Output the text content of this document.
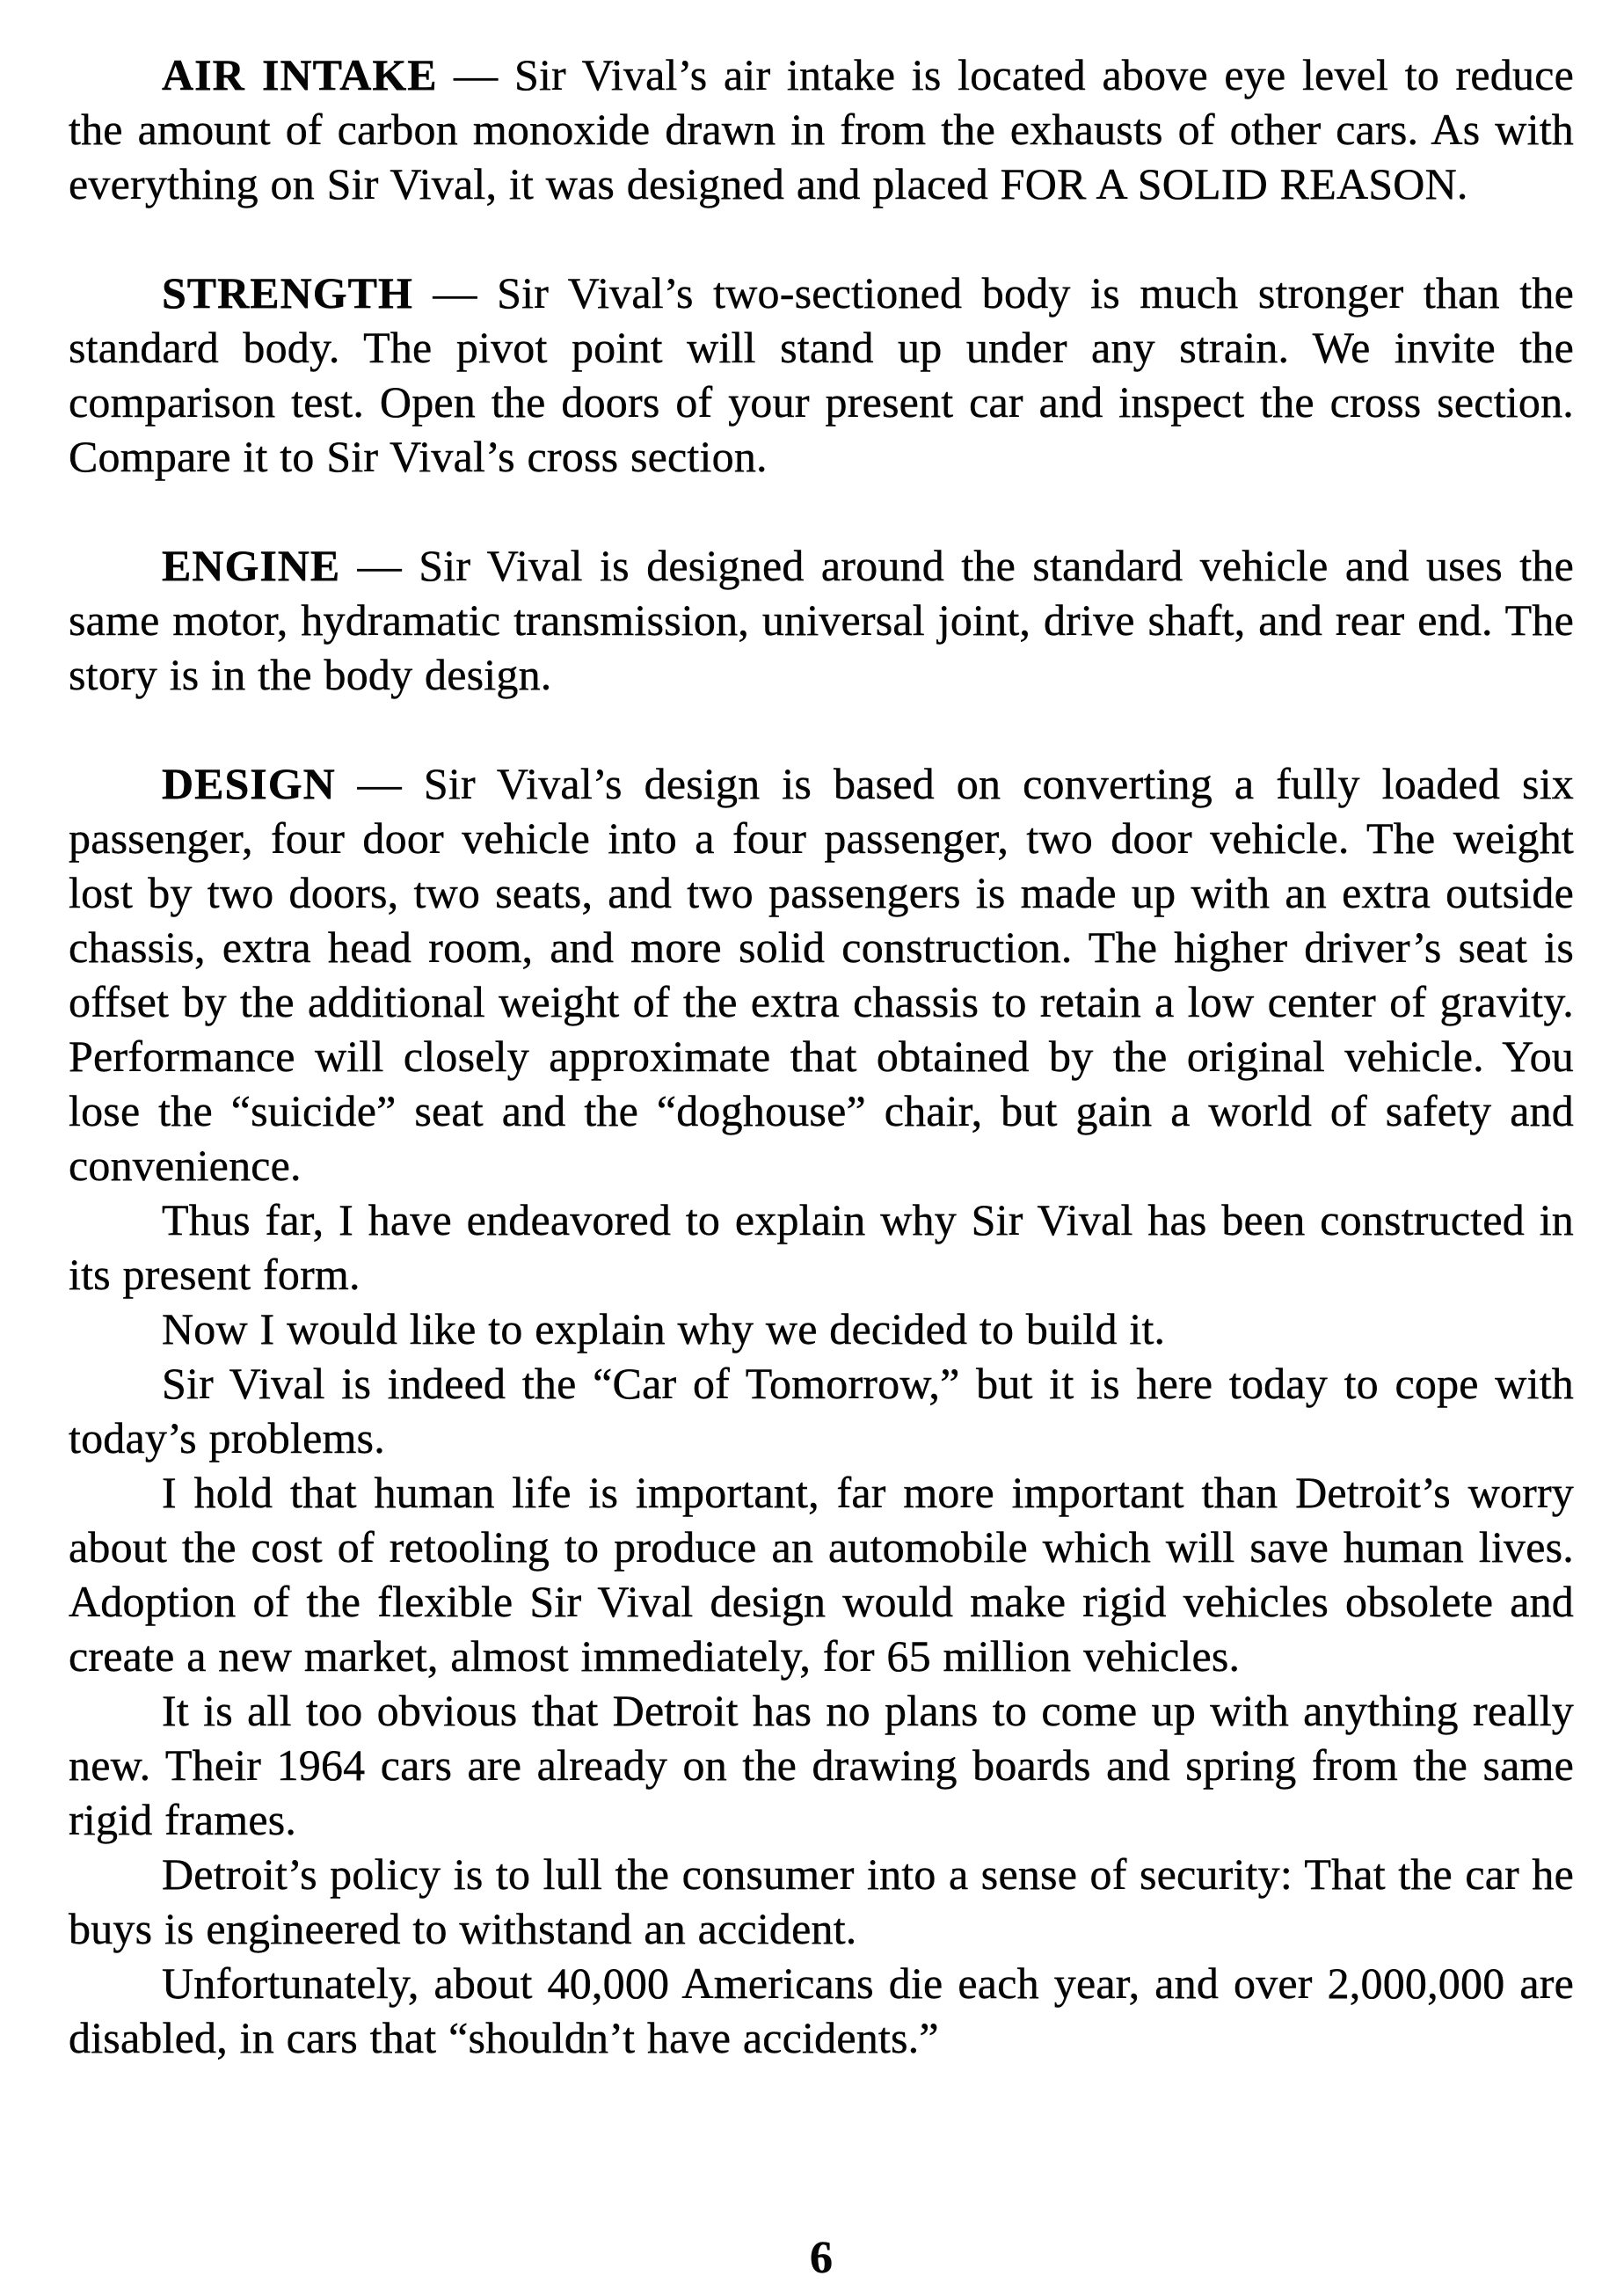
AIR INTAKE — Sir Vival’s air intake is located above eye level to reduce the amount of carbon monoxide drawn in from the exhausts of other cars. As with everything on Sir Vival, it was designed and placed FOR A SOLID REASON.

STRENGTH — Sir Vival’s two-sectioned body is much stronger than the standard body. The pivot point will stand up under any strain. We invite the comparison test. Open the doors of your present car and inspect the cross section. Compare it to Sir Vival’s cross section.

ENGINE — Sir Vival is designed around the standard vehicle and uses the same motor, hydramatic transmission, universal joint, drive shaft, and rear end. The story is in the body design.

DESIGN — Sir Vival’s design is based on converting a fully loaded six passenger, four door vehicle into a four passenger, two door vehicle. The weight lost by two doors, two seats, and two passengers is made up with an extra outside chassis, extra head room, and more solid construction. The higher driver’s seat is offset by the additional weight of the extra chassis to retain a low center of gravity. Performance will closely approximate that obtained by the original vehicle. You lose the “suicide” seat and the “doghouse” chair, but gain a world of safety and convenience.

Thus far, I have endeavored to explain why Sir Vival has been constructed in its present form.

Now I would like to explain why we decided to build it.

Sir Vival is indeed the “Car of Tomorrow,” but it is here today to cope with today’s problems.

I hold that human life is important, far more important than Detroit’s worry about the cost of retooling to produce an automobile which will save human lives. Adoption of the flexible Sir Vival design would make rigid vehicles obsolete and create a new market, almost immediately, for 65 million vehicles.

It is all too obvious that Detroit has no plans to come up with anything really new. Their 1964 cars are already on the drawing boards and spring from the same rigid frames.

Detroit’s policy is to lull the consumer into a sense of security: That the car he buys is engineered to withstand an accident.

Unfortunately, about 40,000 Americans die each year, and over 2,000,000 are disabled, in cars that “shouldn’t have accidents.”

6
